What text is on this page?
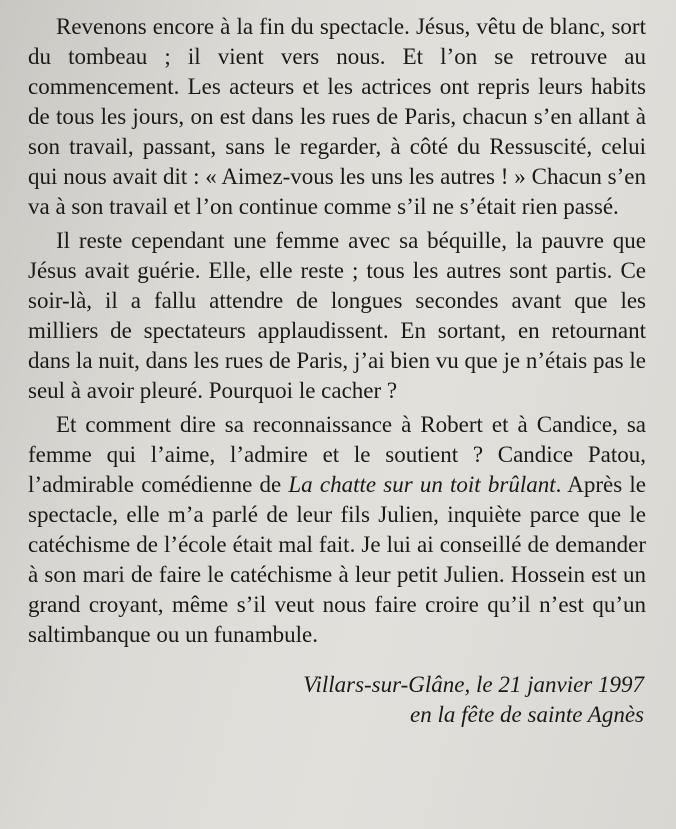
Revenons encore à la fin du spectacle. Jésus, vêtu de blanc, sort du tombeau ; il vient vers nous. Et l’on se retrouve au commencement. Les acteurs et les actrices ont repris leurs habits de tous les jours, on est dans les rues de Paris, chacun s’en allant à son travail, passant, sans le regarder, à côté du Ressuscité, celui qui nous avait dit : « Aimez-vous les uns les autres ! » Chacun s’en va à son travail et l’on continue comme s’il ne s’était rien passé.

Il reste cependant une femme avec sa béquille, la pauvre que Jésus avait guérie. Elle, elle reste ; tous les autres sont partis. Ce soir-là, il a fallu attendre de longues secondes avant que les milliers de spectateurs applaudissent. En sortant, en retournant dans la nuit, dans les rues de Paris, j’ai bien vu que je n’étais pas le seul à avoir pleuré. Pourquoi le cacher ?

Et comment dire sa reconnaissance à Robert et à Candice, sa femme qui l’aime, l’admire et le soutient ? Candice Patou, l’admirable comédienne de La chatte sur un toit brûlant. Après le spectacle, elle m’a parlé de leur fils Julien, inquiète parce que le catéchisme de l’école était mal fait. Je lui ai conseillé de demander à son mari de faire le catéchisme à leur petit Julien. Hossein est un grand croyant, même s’il veut nous faire croire qu’il n’est qu’un saltimbanque ou un funambule.

Villars-sur-Glâne, le 21 janvier 1997
en la fête de sainte Agnès
